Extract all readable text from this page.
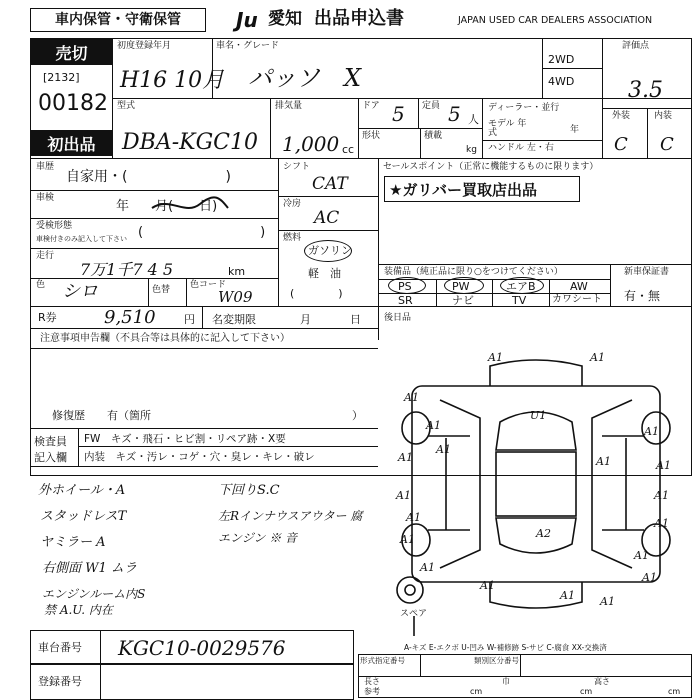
車内保管・守衛保管	Ju 愛知 出品申込書	JAPAN USED CAR DEALERS ASSOCIATION
売切
[2132]
00182
初出品
初度登録年月
H16 10月
車名・グレード
パッソ　X
2WD
4WD
評価点
3.5
外装	内装
C C
型式
DBA-KGC10
排気量
1,000 cc
ドア 5 定員 5 人
形状	積載
kg
ディーラー・並行
モデル 年式	年
ハンドル 左・右
車歴
自家用・(　　　　　　　)
車検
年　　月(　　日)
受検形態
車検付きのみ記入して下さい (　　　　　　　　　)
走行
7万1千7 4 5	km
色 シロ	色替 色コード
W09
シフト
CAT
冷房
AC
燃料
ガソリン
軽　油
(　　　　)
セールスポイント（正常に機能するものに限ります）
★ガリバー買取店出品
装備品（純正品に限り○をつけてください）	新車保証書
有・無
PS	PW	エアB	AW
SR	ナビ	TV	カワシート
R券	9,510	円 名変期限	月	日	後日品
注意事項申告欄（不具合等は具体的に記入して下さい）
修復歴　　有（箇所	）
検査員
記入欄
FW　キズ・飛石・ヒビ割・リペア跡・X要
内装　キズ・汚レ・コゲ・穴・臭レ・キレ・破レ
外ホイール・A
スタッドレスT
ヤミラー A
右側面 W1 ムラ
エンジンルーム内S
禁 A.U. 内在
下回りS.C
左Rインナウスアウター 腐
エンジン ※ 音
A1	A1
U1
A1
A1
A1
A1
A1
A1
A1
A1
A1
A1
A1
A1
A1
A1
A1 A1
A1
A2
A1
スペア
A-キズ E-エクボ U-凹み W-補修跡 S-サビ C-腐食 XX-交換済
車台番号 KGC10-0029576
登録番号
形式指定番号	類別区分番号
長さ
参考	cm
巾
cm
高さ
cm
